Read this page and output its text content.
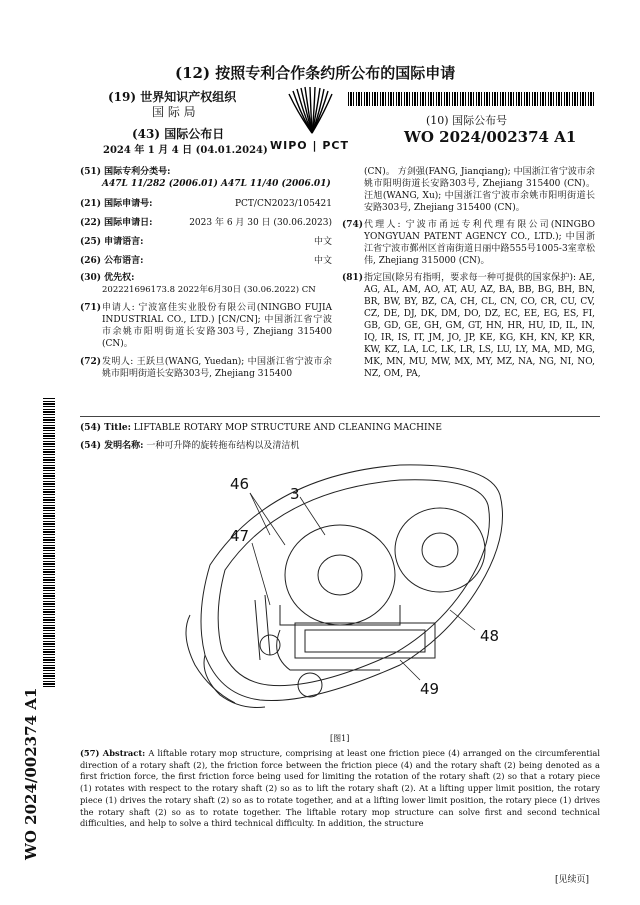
(12) 按照专利合作条约所公布的国际申请
(19) 世界知识产权组织
国 际 局
(43) 国际公布日
2024 年 1 月 4 日 (04.01.2024) WIPO | PCT
(10) 国际公布号
WO 2024/002374 A1
(51) 国际专利分类号:
A47L 11/282 (2006.01) A47L 11/40 (2006.01)
(21) 国际申请号:	PCT/CN2023/105421
(22) 国际申请日:	2023 年 6 月 30 日 (30.06.2023)
(25) 申请语言:	中文
(26) 公布语言:	中文
(30) 优先权:
202221696173.8 2022年6月30日 (30.06.2022) CN
(71) 申请人: 宁波富佳实业股份有限公司(NINGBO FUJIA INDUSTRIAL CO., LTD.) [CN/CN]; 中国浙江省宁波市余姚市阳明街道长安路303号, Zhejiang 315400 (CN)。
(72) 发明人: 王跃旦(WANG, Yuedan); 中国浙江省宁波市余姚市阳明街道长安路303号, Zhejiang 315400
(CN)。 方剑强(FANG, Jianqiang); 中国浙江省宁波市余姚市阳明街道长安路303号, Zhejiang 315400 (CN)。 汪旭(WANG, Xu); 中国浙江省宁波市余姚市阳明街道长安路303号, Zhejiang 315400 (CN)。
(74) 代理人: 宁波市甬远专利代理有限公司(NINGBO YONGYUAN PATENT AGENCY CO., LTD.); 中国浙江省宁波市鄞州区首南街道日丽中路555号1005-3室章松伟, Zhejiang 315000 (CN)。
(81) 指定国(除另有指明，要求每一种可提供的国家保护): AE, AG, AL, AM, AO, AT, AU, AZ, BA, BB, BG, BH, BN, BR, BW, BY, BZ, CA, CH, CL, CN, CO, CR, CU, CV, CZ, DE, DJ, DK, DM, DO, DZ, EC, EE, EG, ES, FI, GB, GD, GE, GH, GM, GT, HN, HR, HU, ID, IL, IN, IQ, IR, IS, IT, JM, JO, JP, KE, KG, KH, KN, KP, KR, KW, KZ, LA, LC, LK, LR, LS, LU, LY, MA, MD, MG, MK, MN, MU, MW, MX, MY, MZ, NA, NG, NI, NO, NZ, OM, PA,
WO 2024/002374 A1
(54) Title: LIFTABLE ROTARY MOP STRUCTURE AND CLEANING MACHINE
(54) 发明名称: 一种可升降的旋转拖布结构以及清洁机
3
46
47
48
49
[图1]
(57) Abstract: A liftable rotary mop structure, comprising at least one friction piece (4) arranged on the circumferential direction of a rotary shaft (2), the friction force between the friction piece (4) and the rotary shaft (2) being denoted as a first friction force, the first friction force being used for limiting the rotation of the rotary shaft (2) so that a rotary piece (1) rotates with respect to the rotary shaft (2) so as to lift the rotary shaft (2). At a lifting upper limit position, the rotary piece (1) drives the rotary shaft (2) so as to rotate together, and at a lifting lower limit position, the rotary piece (1) drives the rotary shaft (2) so as to rotate together. The liftable rotary mop structure can solve first and second technical difficulties, and help to solve a third technical difficulty. In addition, the structure
[见续页]
